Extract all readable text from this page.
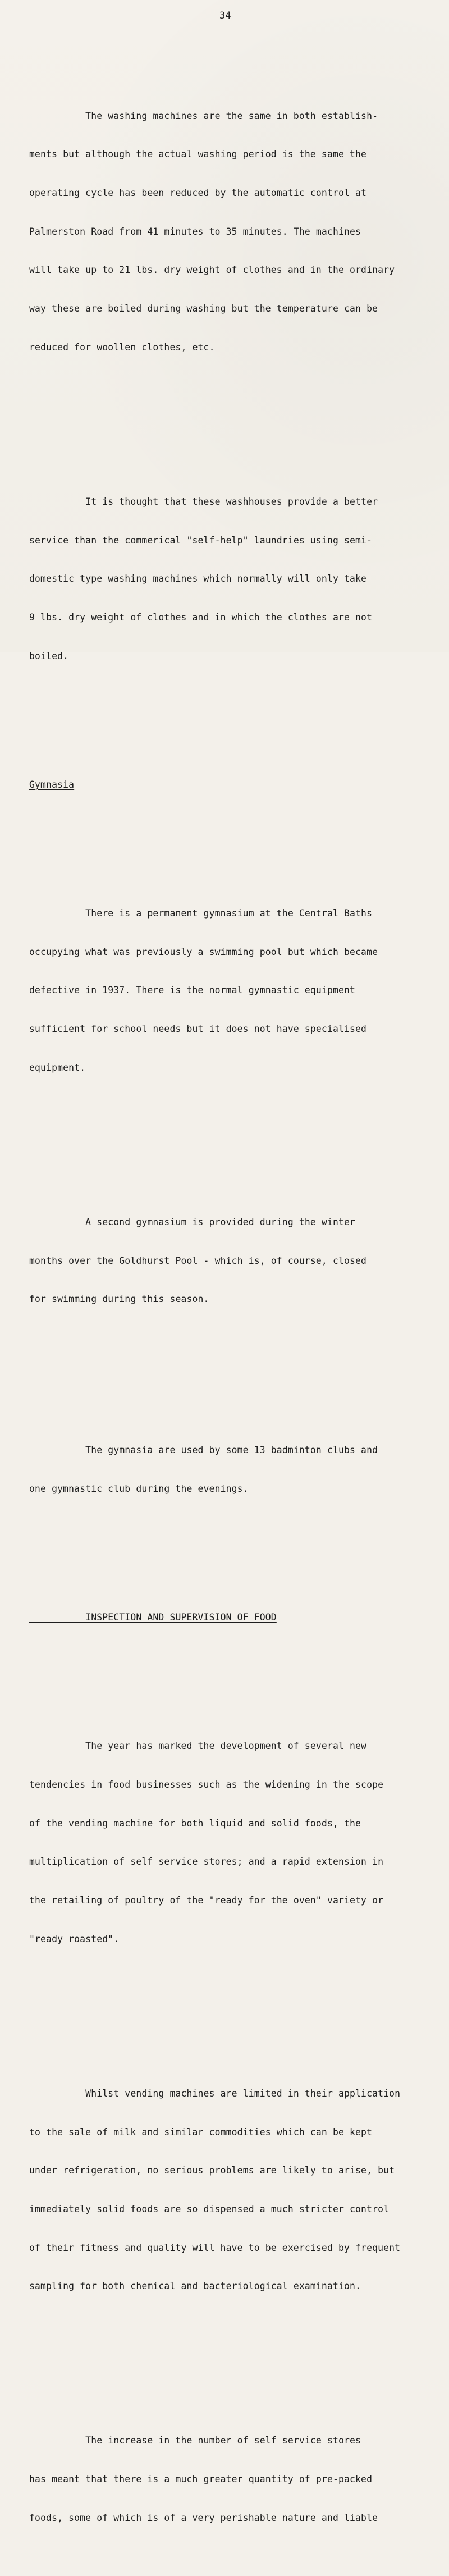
34

The washing machines are the same in both establish-

ments but although the actual washing period is the same the

operating cycle has been reduced by the automatic control at

Palmerston Road from 41 minutes to 35 minutes. The machines

will take up to 21 lbs. dry weight of clothes and in the ordinary

way these are boiled during washing but the temperature can be

reduced for woollen clothes, etc.

It is thought that these washhouses provide a better

service than the commerical "self-help" laundries using semi-

domestic type washing machines which normally will only take

9 lbs. dry weight of clothes and in which the clothes are not

boiled.

Gymnasia

There is a permanent gymnasium at the Central Baths

occupying what was previously a swimming pool but which became

defective in 1937. There is the normal gymnastic equipment

sufficient for school needs but it does not have specialised

equipment.

A second gymnasium is provided during the winter

months over the Goldhurst Pool - which is, of course, closed

for swimming during this season.

The gymnasia are used by some 13 badminton clubs and

one gymnastic club during the evenings.

INSPECTION AND SUPERVISION OF FOOD

The year has marked the development of several new

tendencies in food businesses such as the widening in the scope

of the vending machine for both liquid and solid foods, the

multiplication of self service stores; and a rapid extension in

the retailing of poultry of the "ready for the oven" variety or

"ready roasted".

Whilst vending machines are limited in their application

to the sale of milk and similar commodities which can be kept

under refrigeration, no serious problems are likely to arise, but

immediately solid foods are so dispensed a much stricter control

of their fitness and quality will have to be exercised by frequent

sampling for both chemical and bacteriological examination.

The increase in the number of self service stores

has meant that there is a much greater quantity of pre-packed

foods, some of which is of a very perishable nature and liable
